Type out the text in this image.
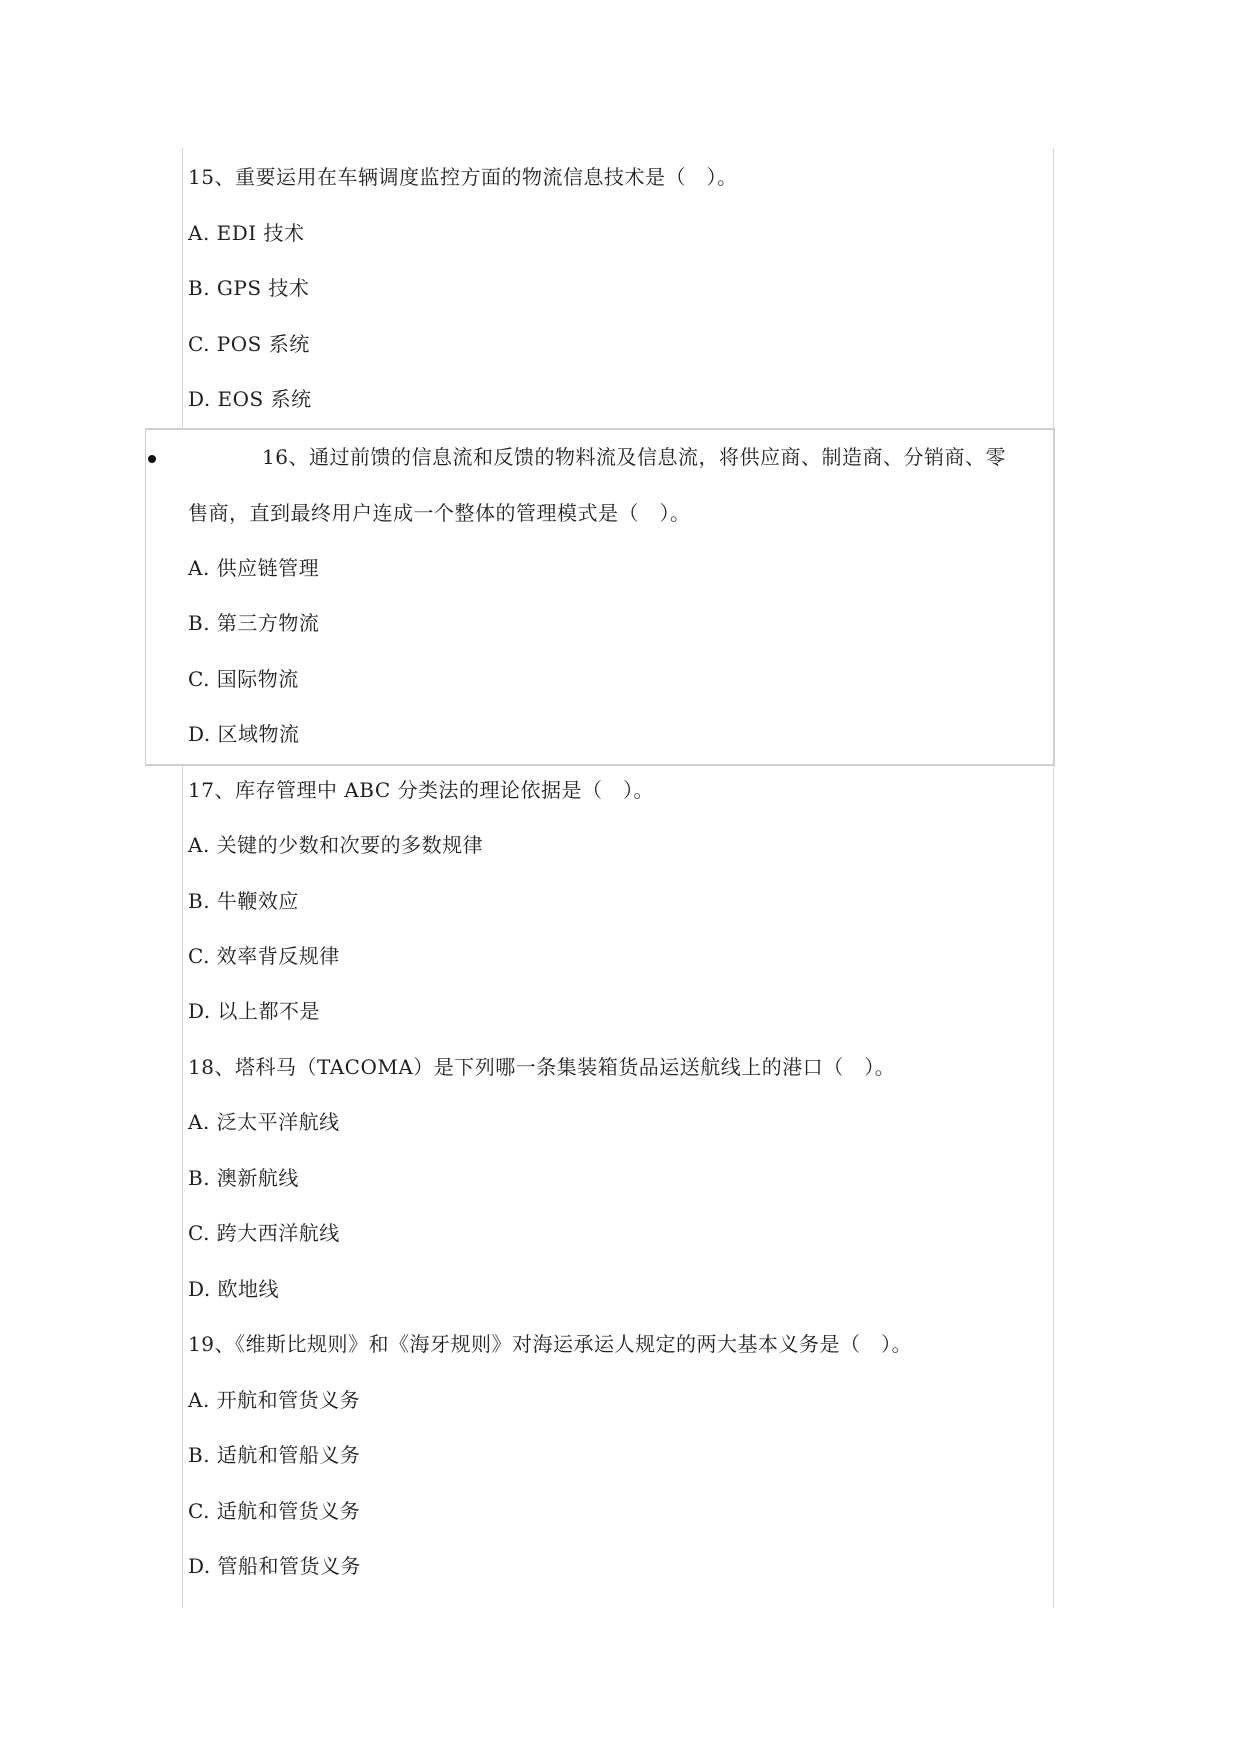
15、重要运用在车辆调度监控方面的物流信息技术是（　）。
A. EDI 技术
B. GPS 技术
C. POS 系统
D. EOS 系统
16、通过前馈的信息流和反馈的物料流及信息流，将供应商、制造商、分销商、零
售商，直到最终用户连成一个整体的管理模式是（　）。
A. 供应链管理
B. 第三方物流
C. 国际物流
D. 区域物流
17、库存管理中 ABC 分类法的理论依据是（　）。
A. 关键的少数和次要的多数规律
B. 牛鞭效应
C. 效率背反规律
D. 以上都不是
18、塔科马（TACOMA）是下列哪一条集装箱货品运送航线上的港口（　）。
A. 泛太平洋航线
B. 澳新航线
C. 跨大西洋航线
D. 欧地线
19、《维斯比规则》和《海牙规则》对海运承运人规定的两大基本义务是（　）。
A. 开航和管货义务
B. 适航和管船义务
C. 适航和管货义务
D. 管船和管货义务
